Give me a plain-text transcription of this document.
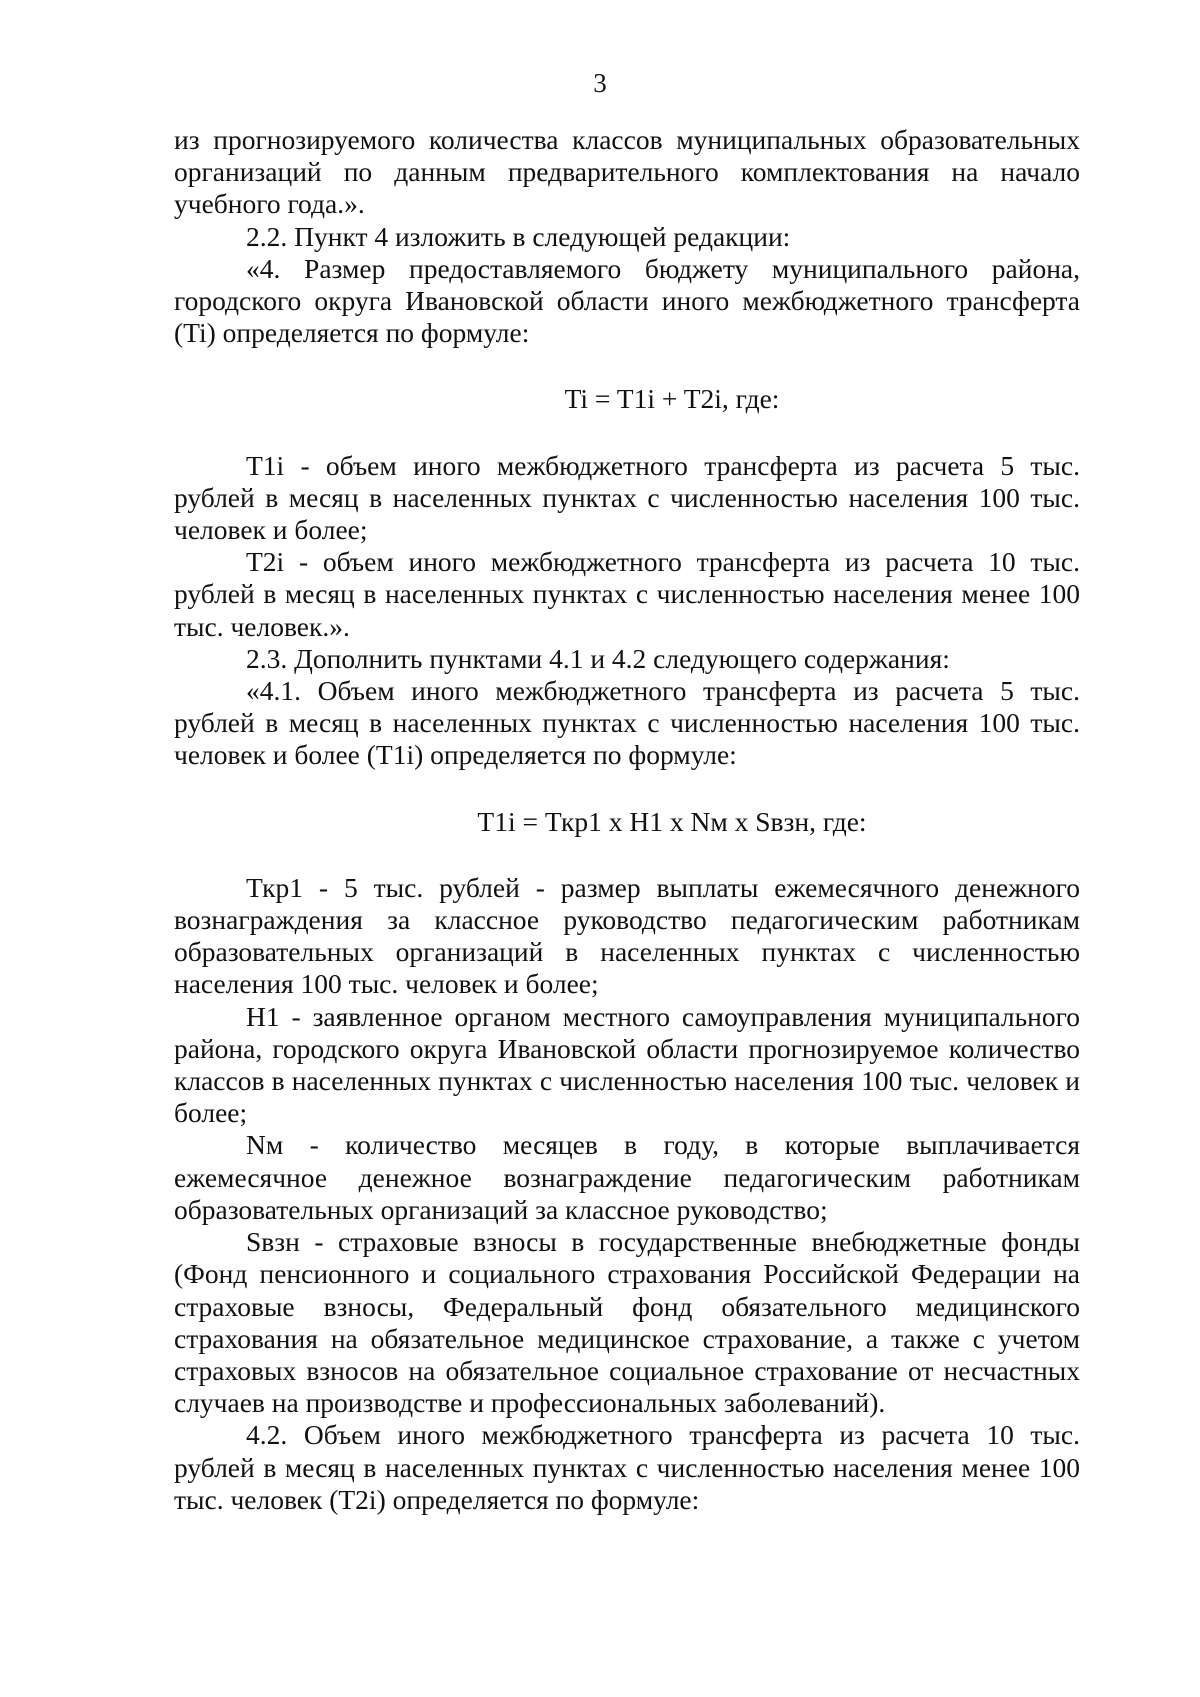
3

из прогнозируемого количества классов муниципальных образовательных организаций по данным предварительного комплектования на начало учебного года.».

2.2. Пункт 4 изложить в следующей редакции:

«4. Размер предоставляемого бюджету муниципального района, городского округа Ивановской области иного межбюджетного трансферта (Ti) определяется по формуле:

Ti = T1i + T2i, где:

T1i - объем иного межбюджетного трансферта из расчета 5 тыс. рублей в месяц в населенных пунктах с численностью населения 100 тыс. человек и более;

T2i - объем иного межбюджетного трансферта из расчета 10 тыс. рублей в месяц в населенных пунктах с численностью населения менее 100 тыс. человек.».

2.3. Дополнить пунктами 4.1 и 4.2 следующего содержания:

«4.1. Объем иного межбюджетного трансферта из расчета 5 тыс. рублей в месяц в населенных пунктах с численностью населения 100 тыс. человек и более (T1i) определяется по формуле:

T1i = Ткр1 x H1 x Nм x Sвзн, где:

Ткр1 - 5 тыс. рублей - размер выплаты ежемесячного денежного вознаграждения за классное руководство педагогическим работникам образовательных организаций в населенных пунктах с численностью населения 100 тыс. человек и более;

H1 - заявленное органом местного самоуправления муниципального района, городского округа Ивановской области прогнозируемое количество классов в населенных пунктах с численностью населения 100 тыс. человек и более;

Nм - количество месяцев в году, в которые выплачивается ежемесячное денежное вознаграждение педагогическим работникам образовательных организаций за классное руководство;

Sвзн - страховые взносы в государственные внебюджетные фонды (Фонд пенсионного и социального страхования Российской Федерации на страховые взносы, Федеральный фонд обязательного медицинского страхования на обязательное медицинское страхование, а также с учетом страховых взносов на обязательное социальное страхование от несчастных случаев на производстве и профессиональных заболеваний).

4.2. Объем иного межбюджетного трансферта из расчета 10 тыс. рублей в месяц в населенных пунктах с численностью населения менее 100 тыс. человек (T2i) определяется по формуле:
